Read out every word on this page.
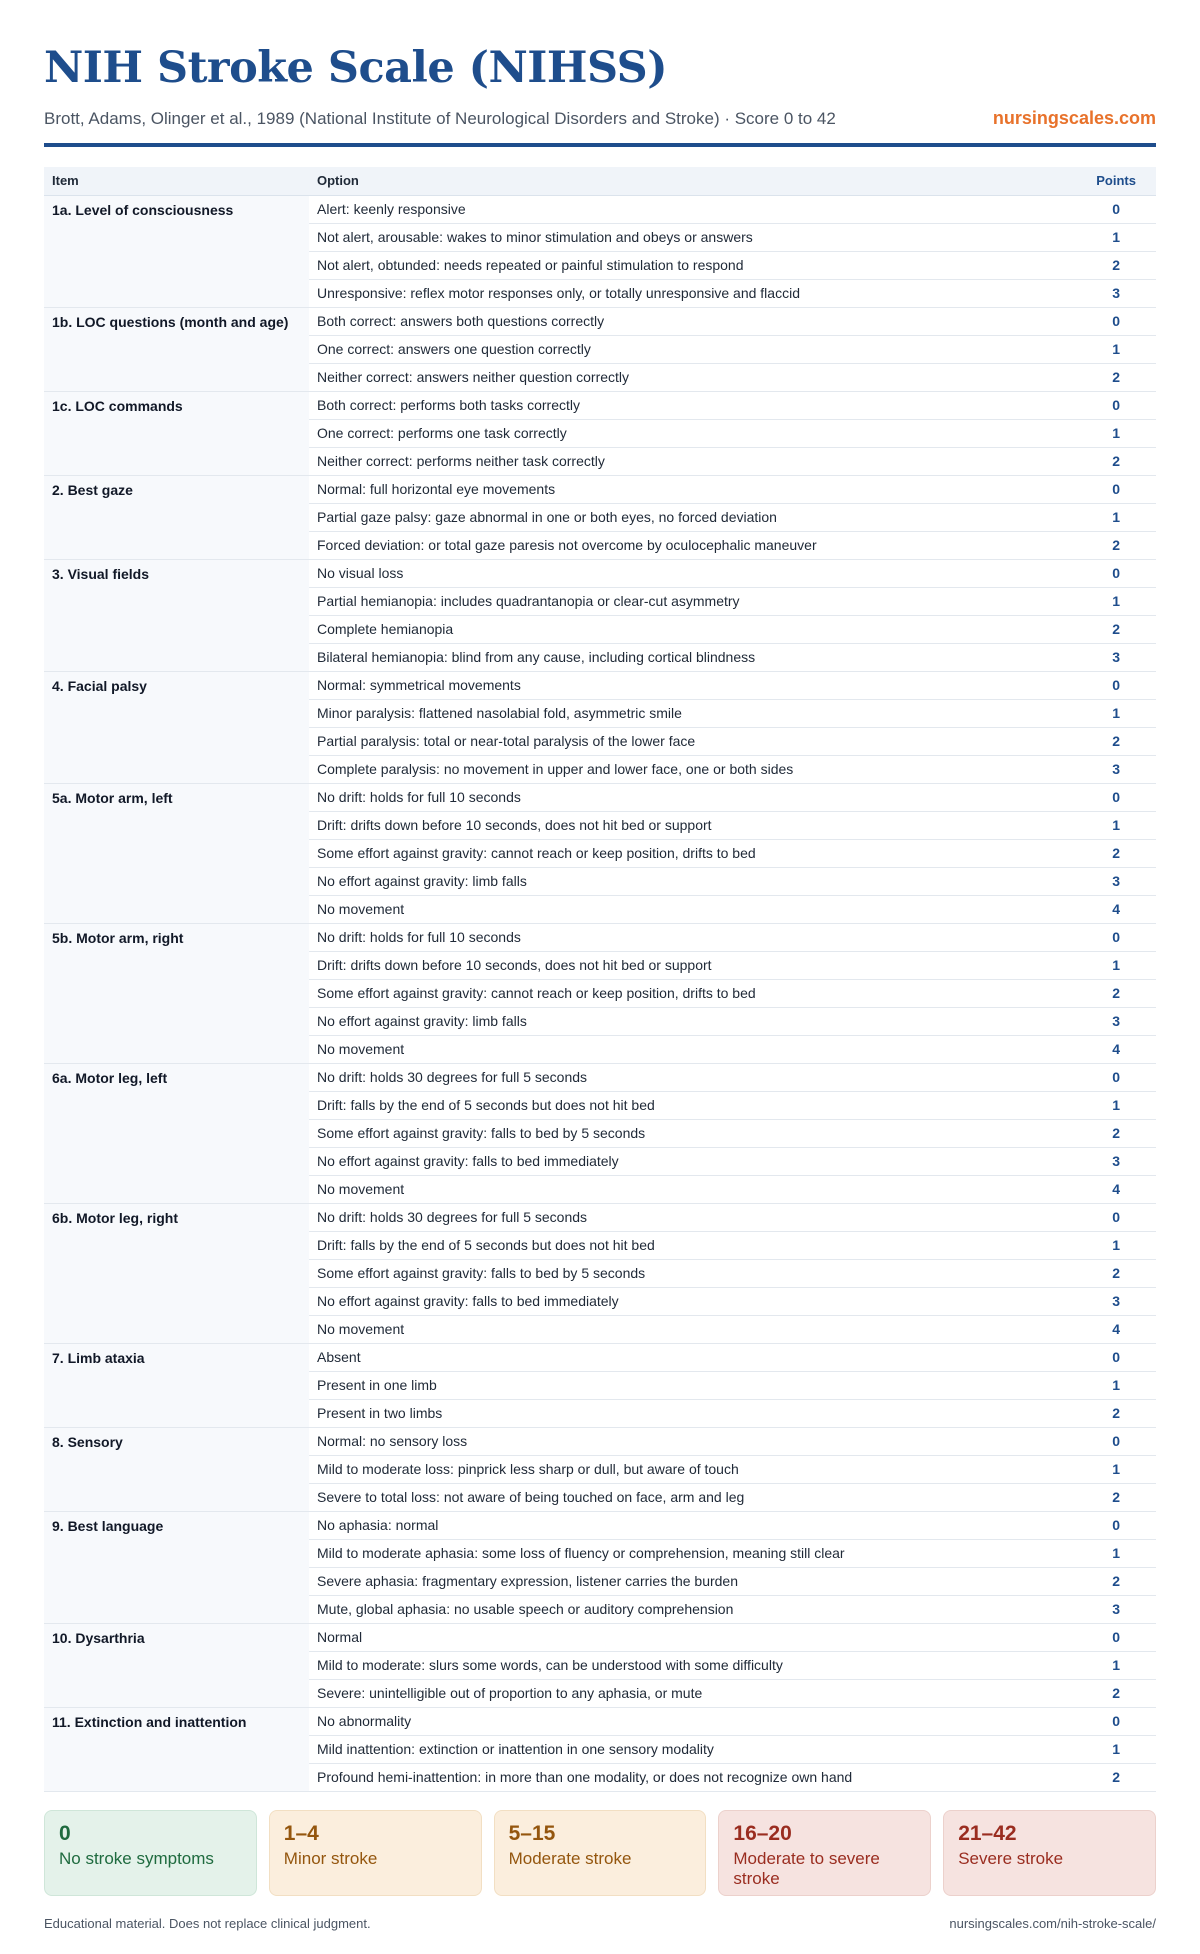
NIH Stroke Scale (NIHSS)
Brott, Adams, Olinger et al., 1989 (National Institute of Neurological Disorders and Stroke) · Score 0 to 42	nursingscales.com
Item	Option	Points
1a. Level of consciousness	Alert: keenly responsive	0
	Not alert, arousable: wakes to minor stimulation and obeys or answers	1
	Not alert, obtunded: needs repeated or painful stimulation to respond	2
	Unresponsive: reflex motor responses only, or totally unresponsive and flaccid	3
1b. LOC questions (month and age)	Both correct: answers both questions correctly	0
	One correct: answers one question correctly	1
	Neither correct: answers neither question correctly	2
1c. LOC commands	Both correct: performs both tasks correctly	0
	One correct: performs one task correctly	1
	Neither correct: performs neither task correctly	2
2. Best gaze	Normal: full horizontal eye movements	0
	Partial gaze palsy: gaze abnormal in one or both eyes, no forced deviation	1
	Forced deviation: or total gaze paresis not overcome by oculocephalic maneuver	2
3. Visual fields	No visual loss	0
	Partial hemianopia: includes quadrantanopia or clear-cut asymmetry	1
	Complete hemianopia	2
	Bilateral hemianopia: blind from any cause, including cortical blindness	3
4. Facial palsy	Normal: symmetrical movements	0
	Minor paralysis: flattened nasolabial fold, asymmetric smile	1
	Partial paralysis: total or near-total paralysis of the lower face	2
	Complete paralysis: no movement in upper and lower face, one or both sides	3
5a. Motor arm, left	No drift: holds for full 10 seconds	0
	Drift: drifts down before 10 seconds, does not hit bed or support	1
	Some effort against gravity: cannot reach or keep position, drifts to bed	2
	No effort against gravity: limb falls	3
	No movement	4
5b. Motor arm, right	No drift: holds for full 10 seconds	0
	Drift: drifts down before 10 seconds, does not hit bed or support	1
	Some effort against gravity: cannot reach or keep position, drifts to bed	2
	No effort against gravity: limb falls	3
	No movement	4
6a. Motor leg, left	No drift: holds 30 degrees for full 5 seconds	0
	Drift: falls by the end of 5 seconds but does not hit bed	1
	Some effort against gravity: falls to bed by 5 seconds	2
	No effort against gravity: falls to bed immediately	3
	No movement	4
6b. Motor leg, right	No drift: holds 30 degrees for full 5 seconds	0
	Drift: falls by the end of 5 seconds but does not hit bed	1
	Some effort against gravity: falls to bed by 5 seconds	2
	No effort against gravity: falls to bed immediately	3
	No movement	4
7. Limb ataxia	Absent	0
	Present in one limb	1
	Present in two limbs	2
8. Sensory	Normal: no sensory loss	0
	Mild to moderate loss: pinprick less sharp or dull, but aware of touch	1
	Severe to total loss: not aware of being touched on face, arm and leg	2
9. Best language	No aphasia: normal	0
	Mild to moderate aphasia: some loss of fluency or comprehension, meaning still clear	1
	Severe aphasia: fragmentary expression, listener carries the burden	2
	Mute, global aphasia: no usable speech or auditory comprehension	3
10. Dysarthria	Normal	0
	Mild to moderate: slurs some words, can be understood with some difficulty	1
	Severe: unintelligible out of proportion to any aphasia, or mute	2
11. Extinction and inattention	No abnormality	0
	Mild inattention: extinction or inattention in one sensory modality	1
	Profound hemi-inattention: in more than one modality, or does not recognize own hand	2
0
No stroke symptoms
1–4
Minor stroke
5–15
Moderate stroke
16–20
Moderate to severe stroke
21–42
Severe stroke
Educational material. Does not replace clinical judgment.	nursingscales.com/nih-stroke-scale/
